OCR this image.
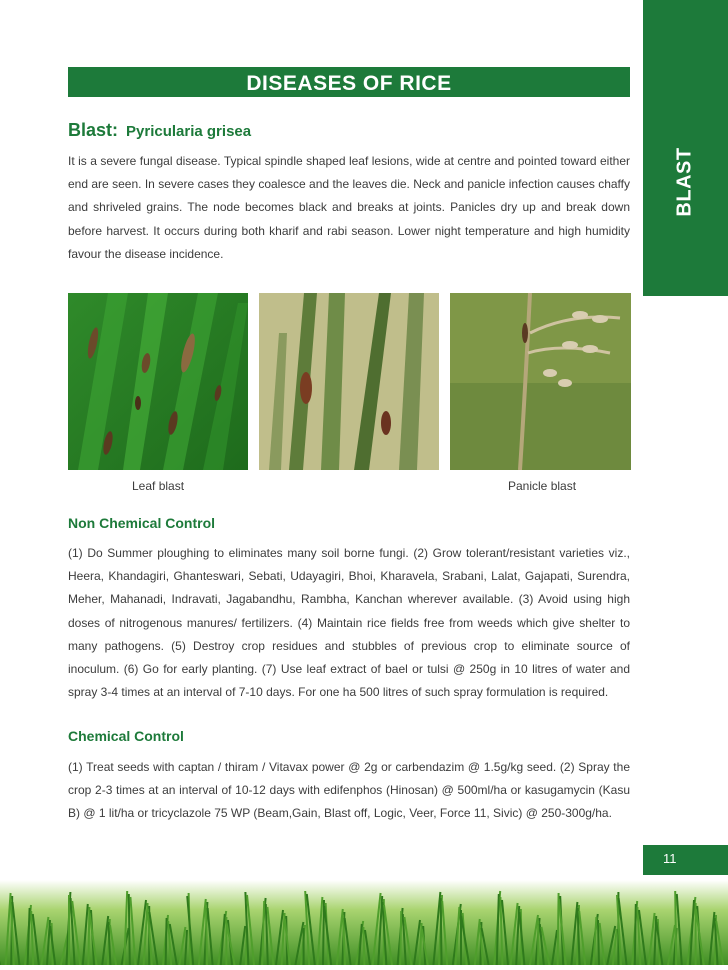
BLAST
DISEASES OF RICE
Blast: Pyricularia grisea
It is a severe fungal disease. Typical spindle shaped leaf lesions, wide at centre and pointed toward either end are seen. In severe cases they coalesce and the leaves die. Neck and panicle infection causes chaffy and shriveled grains. The node becomes black and breaks at joints. Panicles dry up and break down before harvest. It occurs during both kharif and rabi season. Lower night temperature and high humidity favour the disease incidence.
Leaf blast	Panicle blast
Non Chemical Control
(1) Do Summer ploughing to eliminates many soil borne fungi. (2) Grow tolerant/resistant varieties viz., Heera, Khandagiri, Ghanteswari, Sebati, Udayagiri, Bhoi, Kharavela, Srabani, Lalat, Gajapati, Surendra, Meher, Mahanadi, Indravati, Jagabandhu, Rambha, Kanchan wherever available. (3) Avoid using high doses of nitrogenous manures/ fertilizers. (4) Maintain rice fields free from weeds which give shelter to many pathogens. (5) Destroy crop residues and stubbles of previous crop to eliminate source of inoculum. (6) Go for early planting. (7) Use leaf extract of bael or tulsi @ 250g in 10 litres of water and spray 3-4 times at an interval of 7-10 days. For one ha 500 litres of such spray formulation is required.
Chemical Control
(1) Treat seeds with captan / thiram / Vitavax power @ 2g or carbendazim @ 1.5g/kg seed. (2) Spray the crop 2-3 times at an interval of 10-12 days with edifenphos (Hinosan) @ 500ml/ha or kasugamycin (Kasu B) @ 1 lit/ha or tricyclazole 75 WP (Beam,Gain, Blast off, Logic, Veer, Force 11, Sivic) @ 250-300g/ha.
11
